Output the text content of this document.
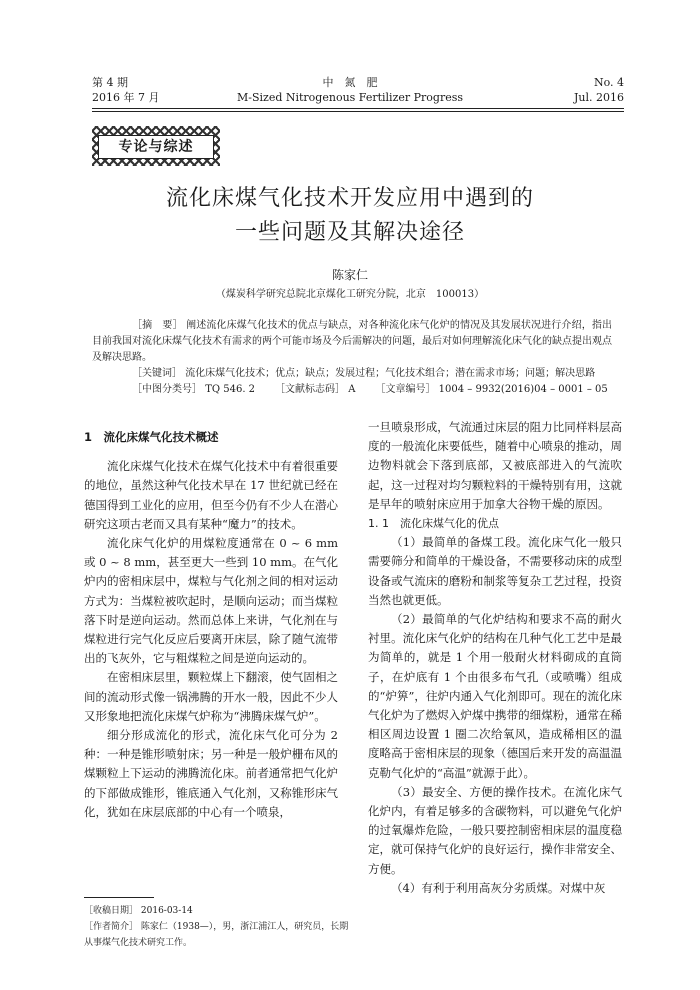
第 4 期
2016 年 7 月
中　氮　肥
M-Sized Nitrogenous Fertilizer Progress
No. 4
Jul. 2016
专论与综述
流化床煤气化技术开发应用中遇到的
一些问题及其解决途径
陈家仁
（煤炭科学研究总院北京煤化工研究分院，北京　100013）

［摘　要］ 阐述流化床煤气化技术的优点与缺点，对各种流化床气化炉的情况及其发展状况进行介绍，指出目前我国对流化床煤气化技术有需求的两个可能市场及今后需解决的问题，最后对如何理解流化床气化的缺点提出观点及解决思路。

［关键词］ 流化床煤气化技术；优点；缺点；发展过程；气化技术组合；潜在需求市场；问题；解决思路

［中图分类号］ TQ 546. 2   ［文献标志码］ A   ［文章编号］ 1004 – 9932(2016)04 – 0001 – 05

1　流化床煤气化技术概述

流化床煤气化技术在煤气化技术中有着很重要的地位，虽然这种气化技术早在 17 世纪就已经在德国得到工业化的应用，但至今仍有不少人在潜心研究这项古老而又具有某种“魔力”的技术。

流化床气化炉的用煤粒度通常在 0 ~ 6 mm 或 0 ~ 8 mm，甚至更大一些到 10 mm。在气化炉内的密相床层中，煤粒与气化剂之间的相对运动方式为：当煤粒被吹起时，是顺向运动；而当煤粒落下时是逆向运动。然而总体上来讲，气化剂在与煤粒进行完气化反应后要离开床层，除了随气流带出的飞灰外，它与粗煤粒之间是逆向运动的。

在密相床层里，颗粒煤上下翻滚，使气固相之间的流动形式像一锅沸腾的开水一般，因此不少人又形象地把流化床煤气炉称为“沸腾床煤气炉”。

细分形成流化的形式，流化床气化可分为 2 种：一种是锥形喷射床；另一种是一般炉栅布风的煤颗粒上下运动的沸腾流化床。前者通常把气化炉的下部做成锥形，锥底通入气化剂，又称锥形床气化，犹如在床层底部的中心有一个喷泉，

一旦喷泉形成，气流通过床层的阻力比同样料层高度的一般流化床要低些，随着中心喷泉的推动，周边物料就会下落到底部，又被底部进入的气流吹起，这一过程对均匀颗粒料的干燥特别有用，这就是早年的喷射床应用于加拿大谷物干燥的原因。

1. 1　流化床煤气化的优点

（1）最简单的备煤工段。流化床气化一般只需要筛分和简单的干燥设备，不需要移动床的成型设备或气流床的磨粉和制浆等复杂工艺过程，投资当然也就更低。

（2）最简单的气化炉结构和要求不高的耐火衬里。流化床气化炉的结构在几种气化工艺中是最为简单的，就是 1 个用一般耐火材料砌成的直筒子，在炉底有 1 个由很多布气孔（或喷嘴）组成的“炉箅”，往炉内通入气化剂即可。现在的流化床气化炉为了燃烬入炉煤中携带的细煤粉，通常在稀相区周边设置 1 圈二次给氧风，造成稀相区的温度略高于密相床层的现象（德国后来开发的高温温克勒气化炉的“高温”就源于此）。

（3）最安全、方便的操作技术。在流化床气化炉内，有着足够多的含碳物料，可以避免气化炉的过氧爆炸危险，一般只要控制密相床层的温度稳定，就可保持气化炉的良好运行，操作非常安全、方便。

（4）有利于利用高灰分劣质煤。对煤中灰

［收稿日期］ 2016-03-14

［作者简介］ 陈家仁（1938—），男，浙江浦江人，研究员，长期从事煤气化技术研究工作。
